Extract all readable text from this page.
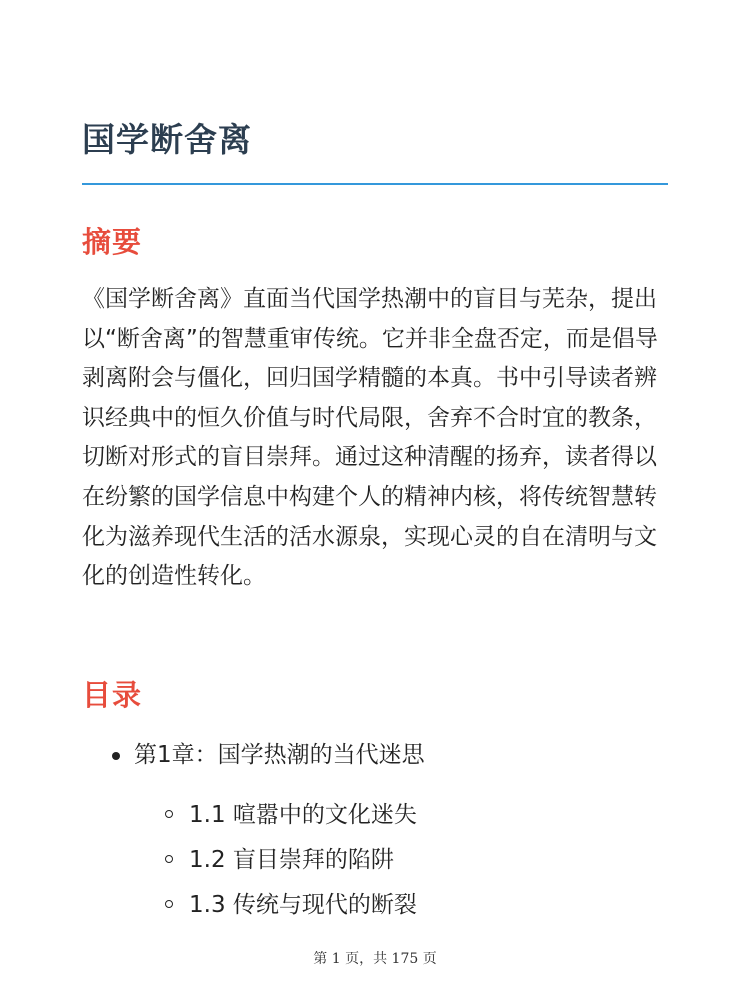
国学断舍离
摘要

《国学断舍离》直面当代国学热潮中的盲目与芜杂，提出以“断舍离”的智慧重审传统。它并非全盘否定，而是倡导剥离附会与僵化，回归国学精髓的本真。书中引导读者辨识经典中的恒久价值与时代局限，舍弃不合时宜的教条，切断对形式的盲目崇拜。通过这种清醒的扬弃，读者得以在纷繁的国学信息中构建个人的精神内核，将传统智慧转化为滋养现代生活的活水源泉，实现心灵的自在清明与文化的创造性转化。

目录
第1章：国学热潮的当代迷思
1.1 喧嚣中的文化迷失
1.2 盲目崇拜的陷阱
1.3 传统与现代的断裂
第 1 页，共 175 页
